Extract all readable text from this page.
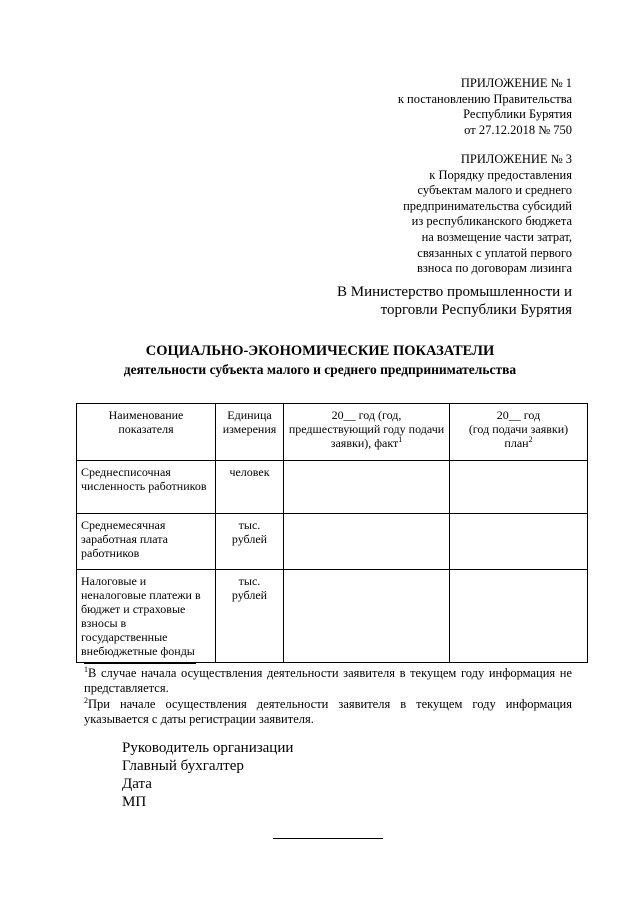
ПРИЛОЖЕНИЕ № 1
к постановлению Правительства
Республики Бурятия
от 27.12.2018 № 750
ПРИЛОЖЕНИЕ № 3
к Порядку предоставления
субъектам малого и среднего
предпринимательства субсидий
из республиканского бюджета
на возмещение части затрат,
связанных с уплатой первого
взноса по договорам лизинга
В Министерство промышленности и
торговли Республики Бурятия
СОЦИАЛЬНО-ЭКОНОМИЧЕСКИЕ ПОКАЗАТЕЛИ
деятельности субъекта малого и среднего предпринимательства
Наименование показателя	Единица измерения	20__ год (год, предшествующий году подачи заявки), факт$^1$	20__ год
(год подачи заявки)
план$^2$

Среднесписочная численность работников	человек		
Среднемесячная заработная плата работников	тыс. рублей		
Налоговые и неналоговые платежи в бюджет и страховые взносы в государственные внебюджетные фонды	тыс. рублей		
$^1$В случае начала осуществления деятельности заявителя в текущем году информация не представляется.
$^2$При начале осуществления деятельности заявителя в текущем году информация указывается с даты регистрации заявителя.
Руководитель организации
Главный бухгалтер
Дата
МП
